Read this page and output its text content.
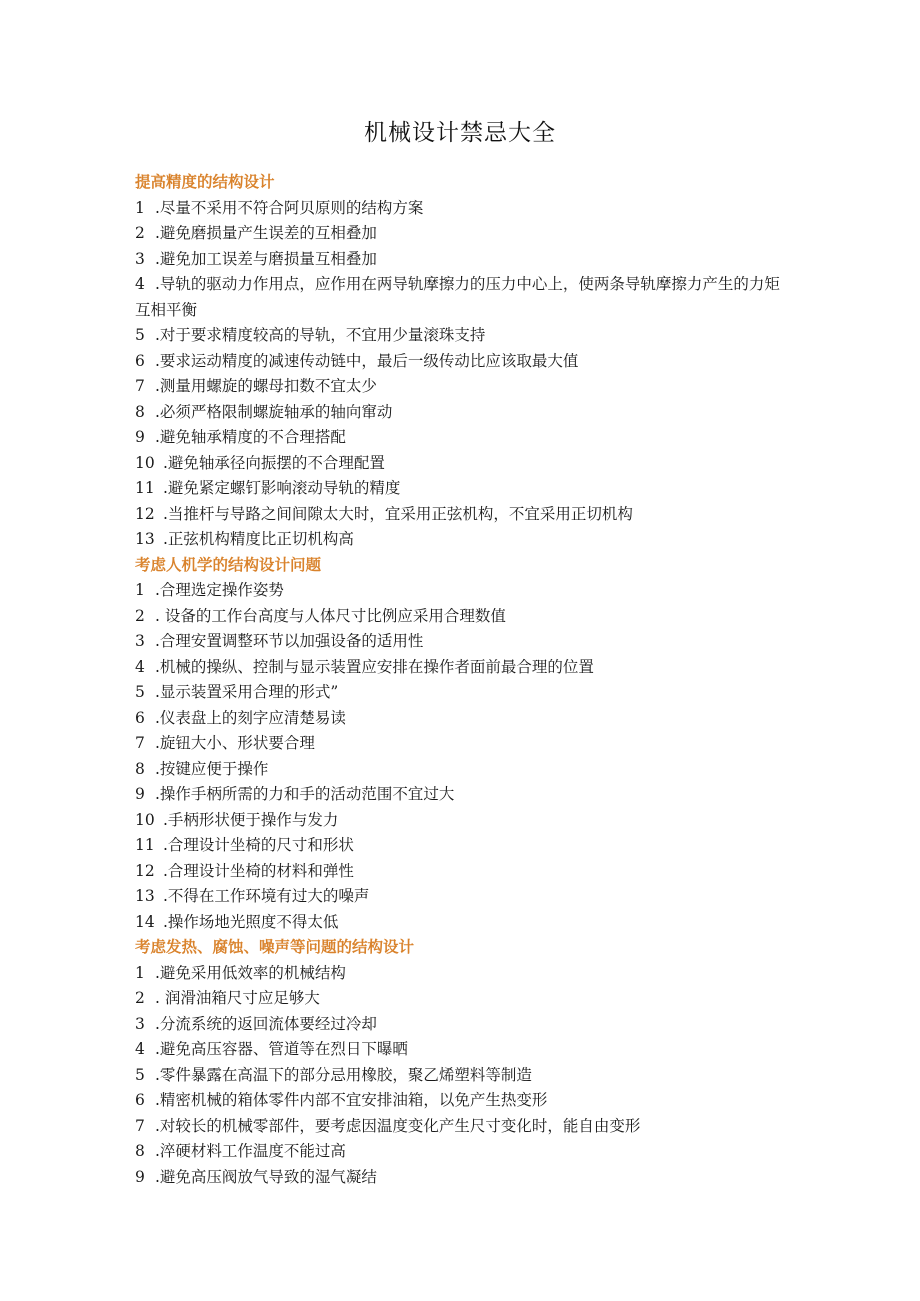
机械设计禁忌大全
提高精度的结构设计

1 .尽量不采用不符合阿贝原则的结构方案

2 .避免磨损量产生误差的互相叠加

3 .避免加工误差与磨损量互相叠加

4 .导轨的驱动力作用点，应作用在两导轨摩擦力的压力中心上，使两条导轨摩擦力产生的力矩互相平衡

5 .对于要求精度较高的导轨，不宜用少量滚珠支持

6 .要求运动精度的减速传动链中，最后一级传动比应该取最大值

7 .测量用螺旋的螺母扣数不宜太少

8 .必须严格限制螺旋轴承的轴向窜动

9 .避免轴承精度的不合理搭配

10 .避免轴承径向振摆的不合理配置

11 .避免紧定螺钉影响滚动导轨的精度

12 .当推杆与导路之间间隙太大时，宜采用正弦机构，不宜采用正切机构

13 .正弦机构精度比正切机构高

考虑人机学的结构设计问题

1 .合理选定操作姿势

2 . 设备的工作台高度与人体尺寸比例应采用合理数值

3 .合理安置调整环节以加强设备的适用性

4 .机械的操纵、控制与显示装置应安排在操作者面前最合理的位置

5 .显示装置采用合理的形式”

6 .仪表盘上的刻字应清楚易读

7 .旋钮大小、形状要合理

8 .按键应便于操作

9 .操作手柄所需的力和手的活动范围不宜过大

10 .手柄形状便于操作与发力

11 .合理设计坐椅的尺寸和形状

12 .合理设计坐椅的材料和弹性

13 .不得在工作环境有过大的噪声

14 .操作场地光照度不得太低

考虑发热、腐蚀、噪声等问题的结构设计

1 .避免采用低效率的机械结构

2 . 润滑油箱尺寸应足够大

3 .分流系统的返回流体要经过冷却

4 .避免高压容器、管道等在烈日下曝晒

5 .零件暴露在高温下的部分忌用橡胶，聚乙烯塑料等制造

6 .精密机械的箱体零件内部不宜安排油箱，以免产生热变形

7 .对较长的机械零部件，要考虑因温度变化产生尺寸变化时，能自由变形

8 .淬硬材料工作温度不能过高

9 .避免高压阀放气导致的湿气凝结
